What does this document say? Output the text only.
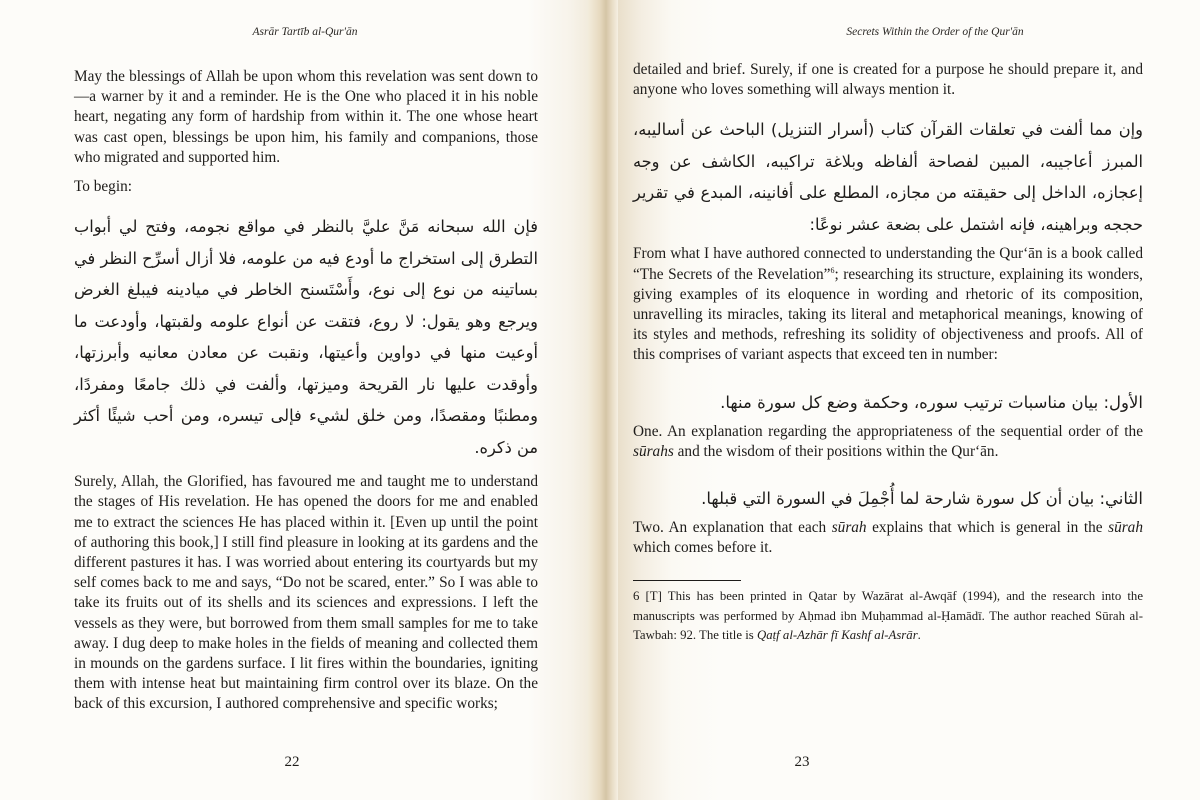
Asrār Tartīb al-Qur'ān

May the blessings of Allah be upon whom this revelation was sent down to—a warner by it and a reminder. He is the One who placed it in his noble heart, negating any form of hardship from within it. The one whose heart was cast open, blessings be upon him, his family and companions, those who migrated and supported him.

To begin:

فإن الله سبحانه مَنَّ عليَّ بالنظر في مواقع نجومه، وفتح لي أبواب التطرق إلى استخراج ما أودع فيه من علومه، فلا أزال أسرِّح النظر في بساتينه من نوع إلى نوع، وأَسْتَسنح الخاطر في ميادينه فيبلغ الغرض ويرجع وهو يقول: لا روع، فتقت عن أنواع علومه ولقبتها، وأودعت ما أوعيت منها في دواوين وأعيتها، ونقبت عن معادن معانيه وأبرزتها، وأوقدت عليها نار القريحة وميزتها، وألفت في ذلك جامعًا ومفردًا، ومطنبًا ومقصدًا، ومن خلق لشيء فإلى تيسره، ومن أحب شيئًا أكثر من ذكره.

Surely, Allah, the Glorified, has favoured me and taught me to understand the stages of His revelation. He has opened the doors for me and enabled me to extract the sciences He has placed within it. [Even up until the point of authoring this book,] I still find pleasure in looking at its gardens and the different pastures it has. I was worried about entering its courtyards but my self comes back to me and says, “Do not be scared, enter.” So I was able to take its fruits out of its shells and its sciences and expressions. I left the vessels as they were, but borrowed from them small samples for me to take away. I dug deep to make holes in the fields of meaning and collected them in mounds on the gardens surface. I lit fires within the boundaries, igniting them with intense heat but maintaining firm control over its blaze. On the back of this excursion, I authored comprehensive and specific works;

22
Secrets Within the Order of the Qur'ān

detailed and brief. Surely, if one is created for a purpose he should prepare it, and anyone who loves something will always mention it.

وإن مما ألفت في تعلقات القرآن كتاب (أسرار التنزيل) الباحث عن أساليبه، المبرز أعاجيبه، المبين لفصاحة ألفاظه وبلاغة تراكيبه، الكاشف عن وجه إعجازه، الداخل إلى حقيقته من مجازه، المطلع على أفانينه، المبدع في تقرير حججه وبراهينه، فإنه اشتمل على بضعة عشر نوعًا:

From what I have authored connected to understanding the Qur‘ān is a book called “The Secrets of the Revelation”$^6$; researching its structure, explaining its wonders, giving examples of its eloquence in wording and rhetoric of its composition, unravelling its miracles, taking its literal and metaphorical meanings, knowing of its styles and methods, refreshing its solidity of objectiveness and proofs. All of this comprises of variant aspects that exceed ten in number:

الأول: بيان مناسبات ترتيب سوره، وحكمة وضع كل سورة منها.

One. An explanation regarding the appropriateness of the sequential order of the sūrahs and the wisdom of their positions within the Qur‘ān.

الثاني: بيان أن كل سورة شارحة لما أُجْمِلَ في السورة التي قبلها.

Two. An explanation that each sūrah explains that which is general in the sūrah which comes before it.

6 [T] This has been printed in Qatar by Wazārat al-Awqāf (1994), and the research into the manuscripts was performed by Aḥmad ibn Muḥammad al-Ḥamādī. The author reached Sūrah al-Tawbah: 92. The title is Qaṭf al-Azhār fī Kashf al-Asrār.

23
